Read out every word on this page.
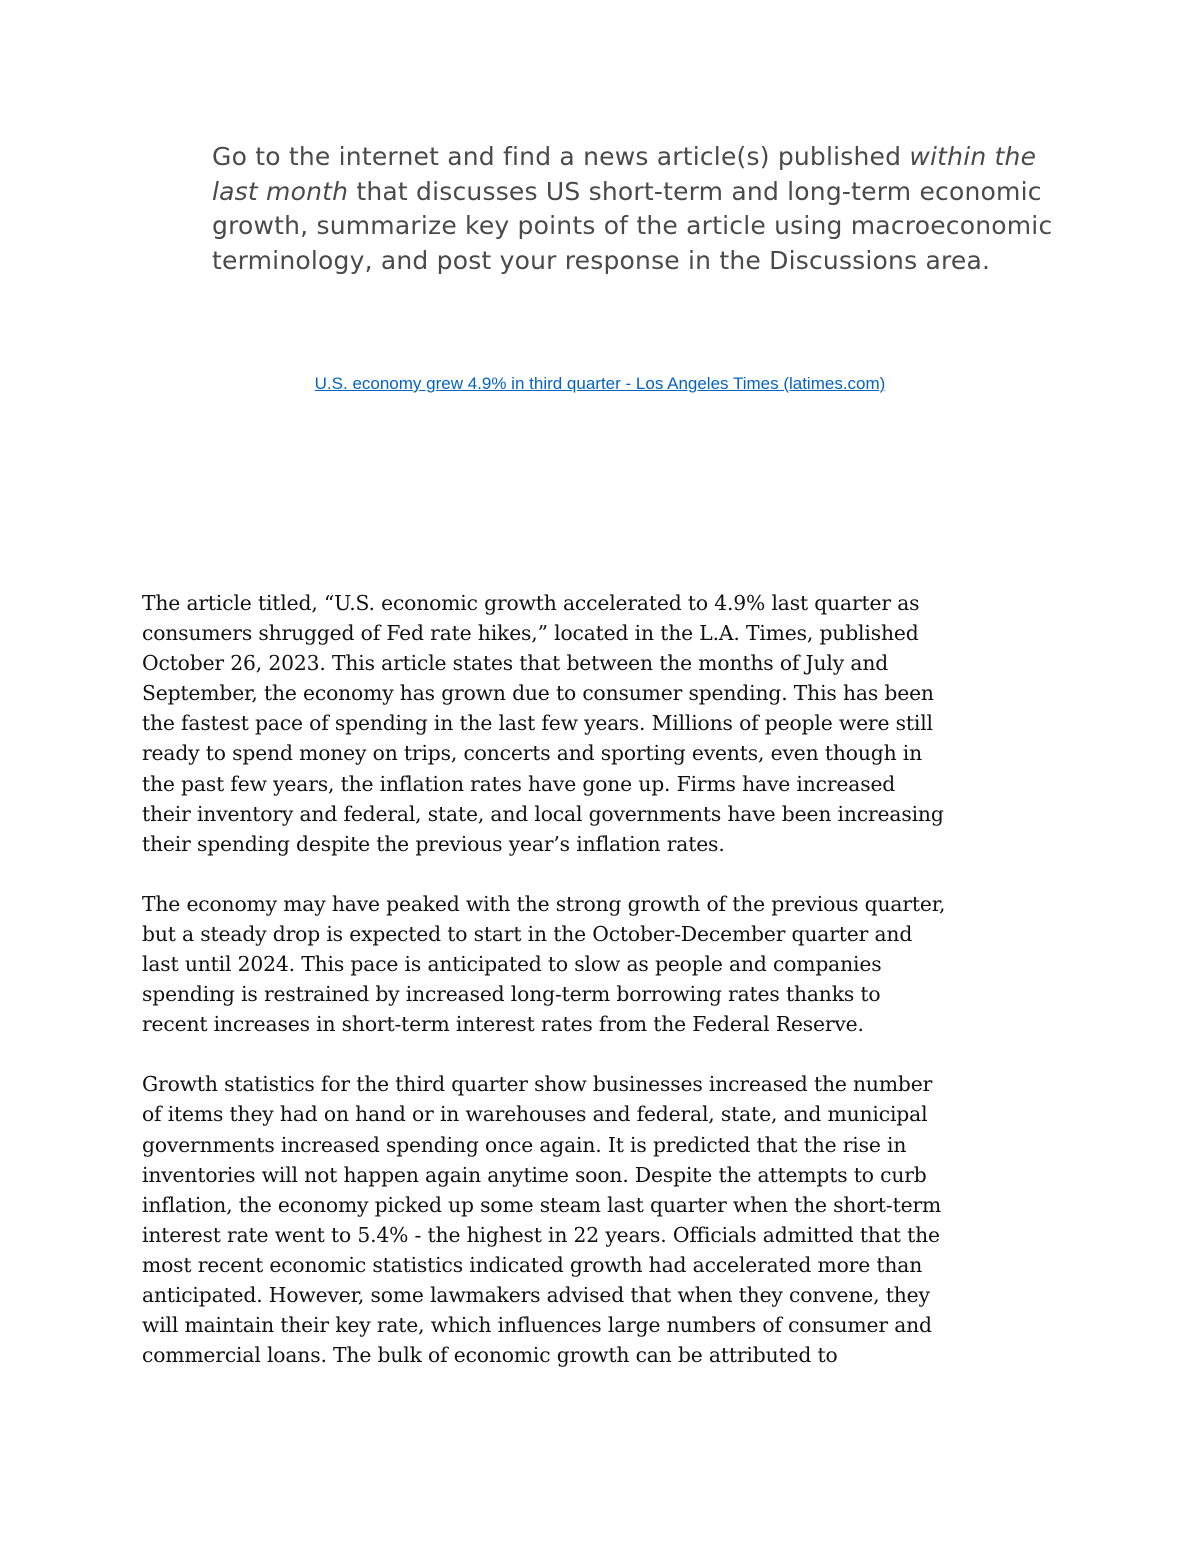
Go to the internet and find a news article(s) published within the last month that discusses US short-term and long-term economic growth, summarize key points of the article using macroeconomic terminology, and post your response in the Discussions area.

U.S. economy grew 4.9% in third quarter - Los Angeles Times (latimes.com)

The article titled, “U.S. economic growth accelerated to 4.9% last quarter as
consumers shrugged of Fed rate hikes,” located in the L.A. Times, published
October 26, 2023. This article states that between the months of July and
September, the economy has grown due to consumer spending. This has been
the fastest pace of spending in the last few years. Millions of people were still
ready to spend money on trips, concerts and sporting events, even though in
the past few years, the inflation rates have gone up. Firms have increased
their inventory and federal, state, and local governments have been increasing
their spending despite the previous year’s inflation rates.

The economy may have peaked with the strong growth of the previous quarter,
but a steady drop is expected to start in the October-December quarter and
last until 2024. This pace is anticipated to slow as people and companies
spending is restrained by increased long-term borrowing rates thanks to
recent increases in short-term interest rates from the Federal Reserve.

Growth statistics for the third quarter show businesses increased the number
of items they had on hand or in warehouses and federal, state, and municipal
governments increased spending once again. It is predicted that the rise in
inventories will not happen again anytime soon. Despite the attempts to curb
inflation, the economy picked up some steam last quarter when the short-term
interest rate went to 5.4% - the highest in 22 years. Officials admitted that the
most recent economic statistics indicated growth had accelerated more than
anticipated. However, some lawmakers advised that when they convene, they
will maintain their key rate, which influences large numbers of consumer and
commercial loans. The bulk of economic growth can be attributed to
